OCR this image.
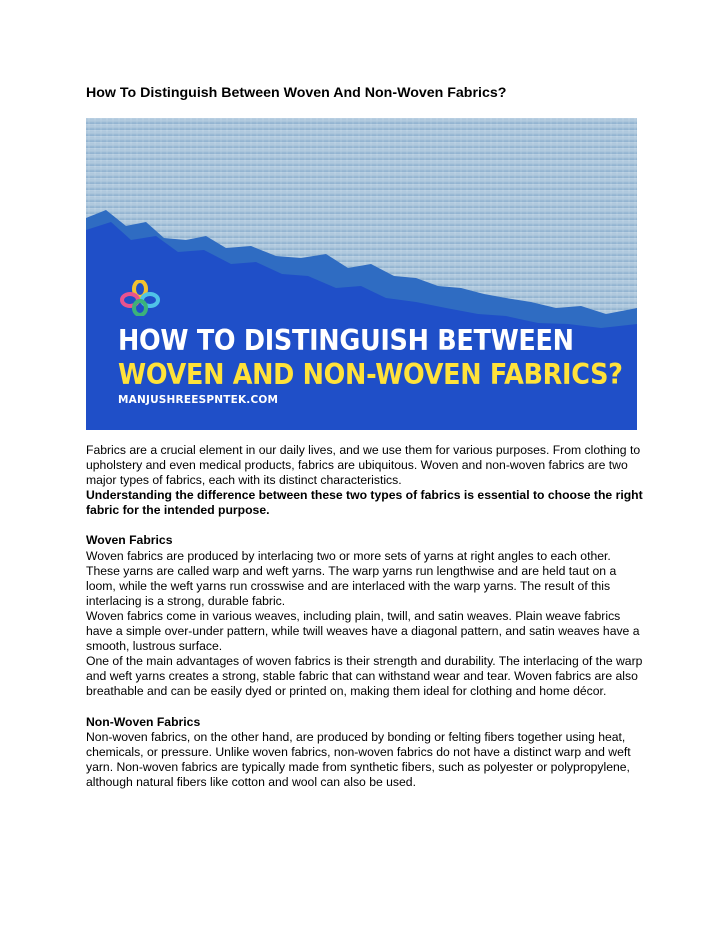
How To Distinguish Between Woven And Non-Woven Fabrics?
HOW TO DISTINGUISH BETWEEN
WOVEN AND NON-WOVEN FABRICS?
MANJUSHREESPNTEK.COM

Fabrics are a crucial element in our daily lives, and we use them for various purposes. From clothing to upholstery and even medical products, fabrics are ubiquitous. Woven and non-woven fabrics are two major types of fabrics, each with its distinct characteristics.

Understanding the difference between these two types of fabrics is essential to choose the right fabric for the intended purpose.

Woven Fabrics

Woven fabrics are produced by interlacing two or more sets of yarns at right angles to each other. These yarns are called warp and weft yarns. The warp yarns run lengthwise and are held taut on a loom, while the weft yarns run crosswise and are interlaced with the warp yarns. The result of this interlacing is a strong, durable fabric.

Woven fabrics come in various weaves, including plain, twill, and satin weaves. Plain weave fabrics have a simple over-under pattern, while twill weaves have a diagonal pattern, and satin weaves have a smooth, lustrous surface.

One of the main advantages of woven fabrics is their strength and durability. The interlacing of the warp and weft yarns creates a strong, stable fabric that can withstand wear and tear. Woven fabrics are also breathable and can be easily dyed or printed on, making them ideal for clothing and home décor.

Non-Woven Fabrics

Non-woven fabrics, on the other hand, are produced by bonding or felting fibers together using heat, chemicals, or pressure. Unlike woven fabrics, non-woven fabrics do not have a distinct warp and weft yarn. Non-woven fabrics are typically made from synthetic fibers, such as polyester or polypropylene, although natural fibers like cotton and wool can also be used.
